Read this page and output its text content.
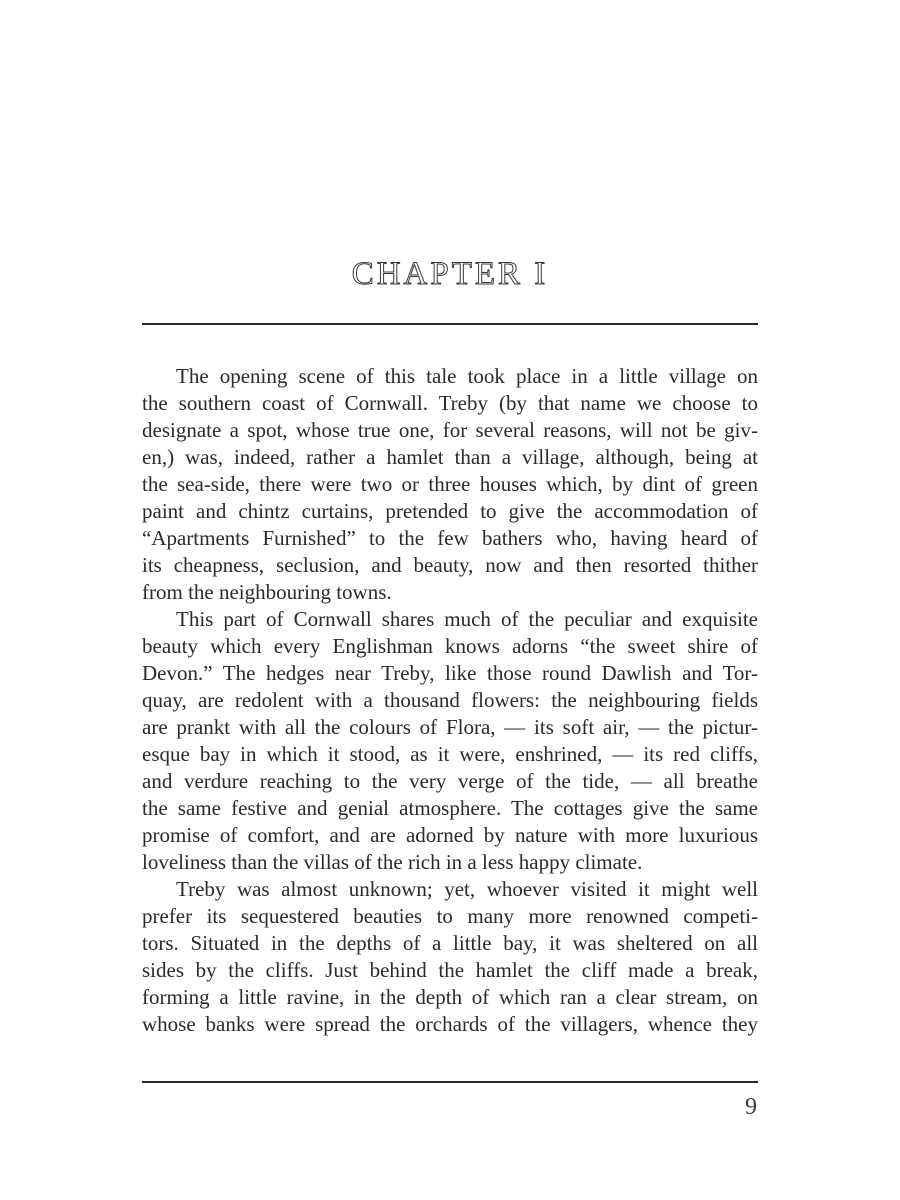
CHAPTER I
The opening scene of this tale took place in a little village on
the southern coast of Cornwall. Treby (by that name we choose to
designate a spot, whose true one, for several reasons, will not be giv-
en,) was, indeed, rather a hamlet than a village, although, being at
the sea-side, there were two or three houses which, by dint of green
paint and chintz curtains, pretended to give the accommodation of
“Apartments Furnished” to the few bathers who, having heard of
its cheapness, seclusion, and beauty, now and then resorted thither
from the neighbouring towns.
This part of Cornwall shares much of the peculiar and exquisite
beauty which every Englishman knows adorns “the sweet shire of
Devon.” The hedges near Treby, like those round Dawlish and Tor-
quay, are redolent with a thousand flowers: the neighbouring fields
are prankt with all the colours of Flora, — its soft air, — the pictur-
esque bay in which it stood, as it were, enshrined, — its red cliffs,
and verdure reaching to the very verge of the tide, — all breathe
the same festive and genial atmosphere. The cottages give the same
promise of comfort, and are adorned by nature with more luxurious
loveliness than the villas of the rich in a less happy climate.
Treby was almost unknown; yet, whoever visited it might well
prefer its sequestered beauties to many more renowned competi-
tors. Situated in the depths of a little bay, it was sheltered on all
sides by the cliffs. Just behind the hamlet the cliff made a break,
forming a little ravine, in the depth of which ran a clear stream, on
whose banks were spread the orchards of the villagers, whence they
9
